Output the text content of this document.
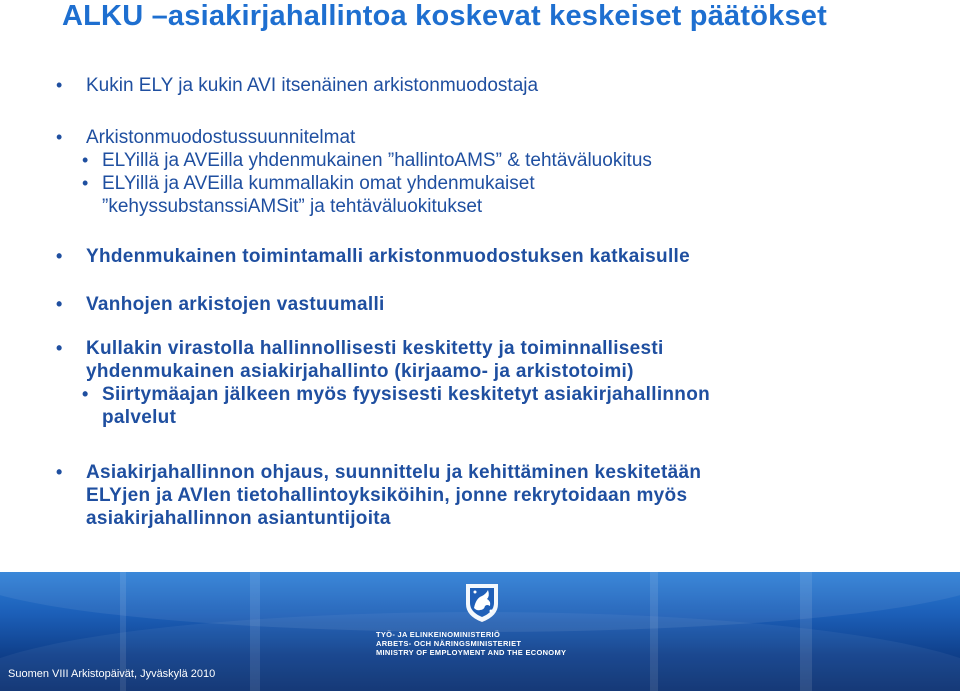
ALKU –asiakirjahallintoa koskevat keskeiset päätökset
• Kukin ELY ja kukin AVI itsenäinen arkistonmuodostaja
• Arkistonmuodostussuunnitelmat
• ELYillä ja AVEilla yhdenmukainen ”hallintoAMS” & tehtäväluokitus
• ELYillä ja AVEilla kummallakin omat yhdenmukaiset
”kehyssubstanssiAMSit” ja tehtäväluokitukset
• Yhdenmukainen toimintamalli arkistonmuodostuksen katkaisulle
• Vanhojen arkistojen vastuumalli
• Kullakin virastolla hallinnollisesti keskitetty ja toiminnallisesti
yhdenmukainen asiakirjahallinto (kirjaamo- ja arkistotoimi)
• Siirtymäajan jälkeen myös fyysisesti keskitetyt asiakirjahallinnon
palvelut
• Asiakirjahallinnon ohjaus, suunnittelu ja kehittäminen keskitetään
ELYjen ja AVIen tietohallintoyksiköihin, jonne rekrytoidaan myös
asiakirjahallinnon asiantuntijoita
TYÖ- JA ELINKEINOMINISTERIÖ
ARBETS- OCH NÄRINGSMINISTERIET
MINISTRY OF EMPLOYMENT AND THE ECONOMY
Suomen VIII Arkistopäivät, Jyväskylä 2010
